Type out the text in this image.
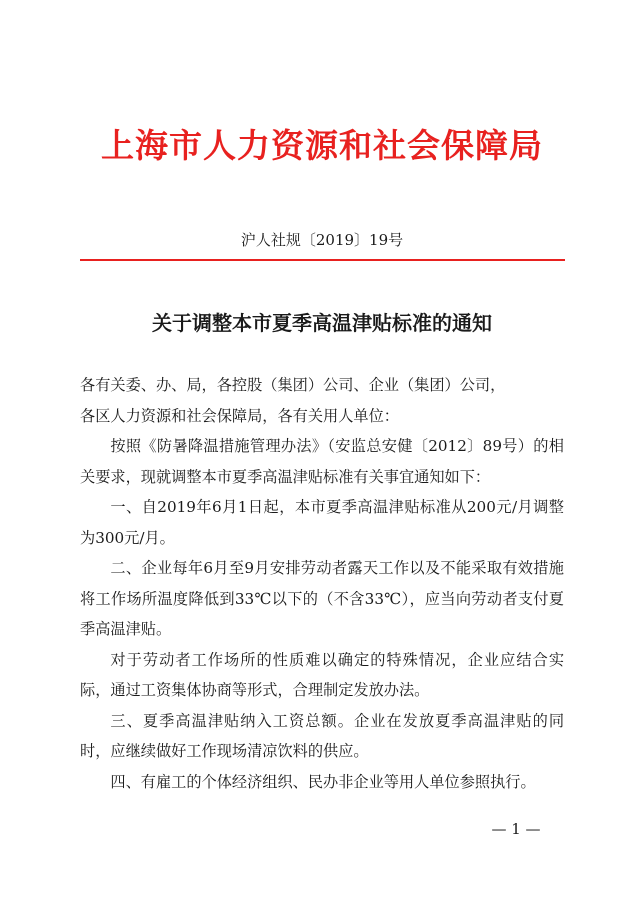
上海市人力资源和社会保障局
沪人社规〔2019〕19号
关于调整本市夏季高温津贴标准的通知

各有关委、办、局，各控股（集团）公司、企业（集团）公司，

各区人力资源和社会保障局，各有关用人单位：

按照《防暑降温措施管理办法》（安监总安健〔2012〕89号）的相关要求，现就调整本市夏季高温津贴标准有关事宜通知如下：

一、自2019年6月1日起，本市夏季高温津贴标准从200元/月调整为300元/月。

二、企业每年6月至9月安排劳动者露天工作以及不能采取有效措施将工作场所温度降低到33℃以下的（不含33℃），应当向劳动者支付夏季高温津贴。

对于劳动者工作场所的性质难以确定的特殊情况，企业应结合实际，通过工资集体协商等形式，合理制定发放办法。

三、夏季高温津贴纳入工资总额。企业在发放夏季高温津贴的同时，应继续做好工作现场清凉饮料的供应。

四、有雇工的个体经济组织、民办非企业等用人单位参照执行。

— 1 —
